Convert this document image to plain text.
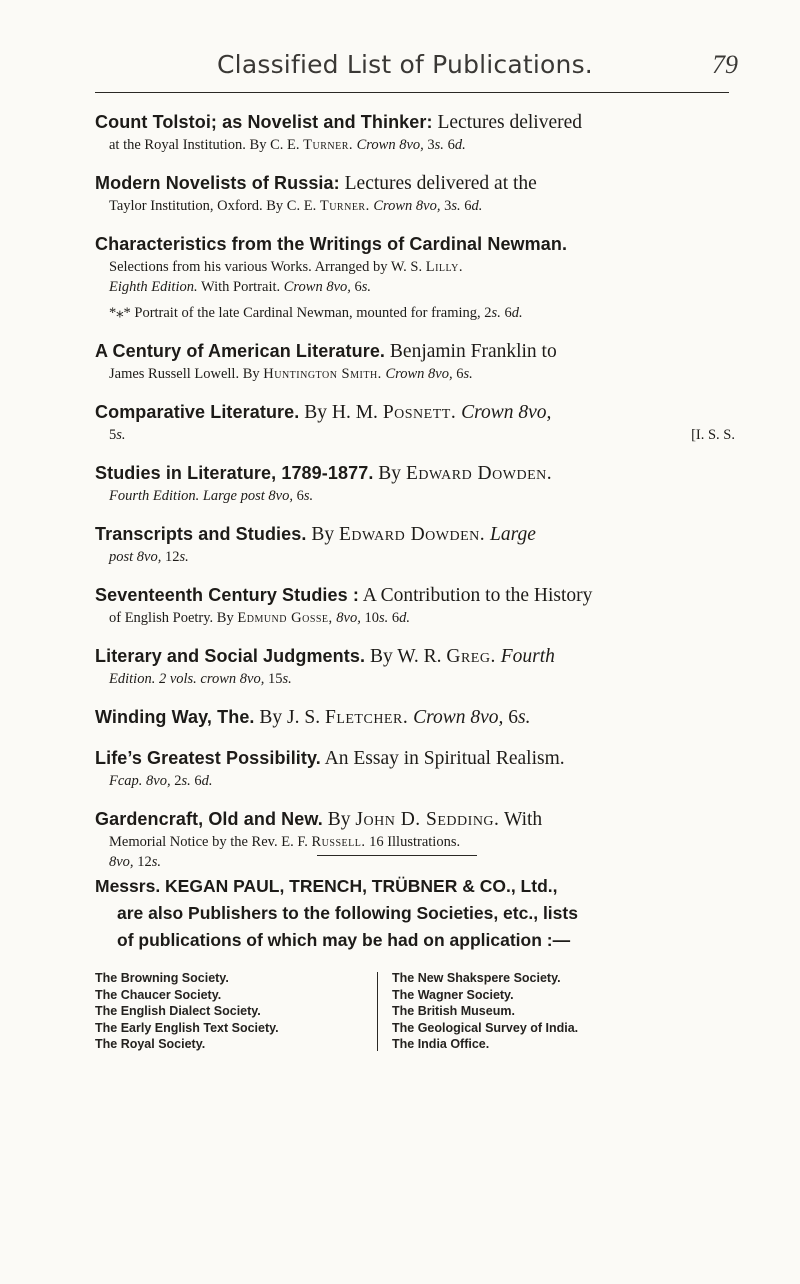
Classified List of Publications.	79

Count Tolstoi; as Novelist and Thinker: Lectures delivered

at the Royal Institution. By C. E. Turner. Crown 8vo, 3s. 6d.

Modern Novelists of Russia: Lectures delivered at the

Taylor Institution, Oxford. By C. E. Turner. Crown 8vo, 3s. 6d.

Characteristics from the Writings of Cardinal Newman.

Selections from his various Works. Arranged by W. S. Lilly.

Eighth Edition. With Portrait. Crown 8vo, 6s.

*⁎* Portrait of the late Cardinal Newman, mounted for framing, 2s. 6d.

A Century of American Literature. Benjamin Franklin to

James Russell Lowell. By Huntington Smith. Crown 8vo, 6s.

Comparative Literature. By H. M. Posnett. Crown 8vo,

5 s.	[I. S. S.

Studies in Literature, 1789-1877. By Edward Dowden.

Fourth Edition. Large post 8vo, 6s.

Transcripts and Studies. By Edward Dowden. Large

post 8vo, 12s.

Seventeenth Century Studies : A Contribution to the History

of English Poetry. By Edmund Gosse, 8vo, 10s. 6d.

Literary and Social Judgments. By W. R. Greg. Fourth

Edition. 2 vols. crown 8vo, 15s.

Winding Way, The. By J. S. Fletcher. Crown 8vo, 6s.

Life’s Greatest Possibility. An Essay in Spiritual Realism.

Fcap. 8vo, 2s. 6d.

Gardencraft, Old and New. By John D. Sedding. With

Memorial Notice by the Rev. E. F. Russell. 16 Illustrations.

8vo, 12s.

Messrs. KEGAN PAUL, TRENCH, TRÜBNER & CO., Ltd.,

are also Publishers to the following Societies, etc., lists

of publications of which may be had on application :—

The Browning Society.
The Chaucer Society.
The English Dialect Society.
The Early English Text Society.
The Royal Society.
The New Shakspere Society.
The Wagner Society.
The British Museum.
The Geological Survey of India.
The India Office.
